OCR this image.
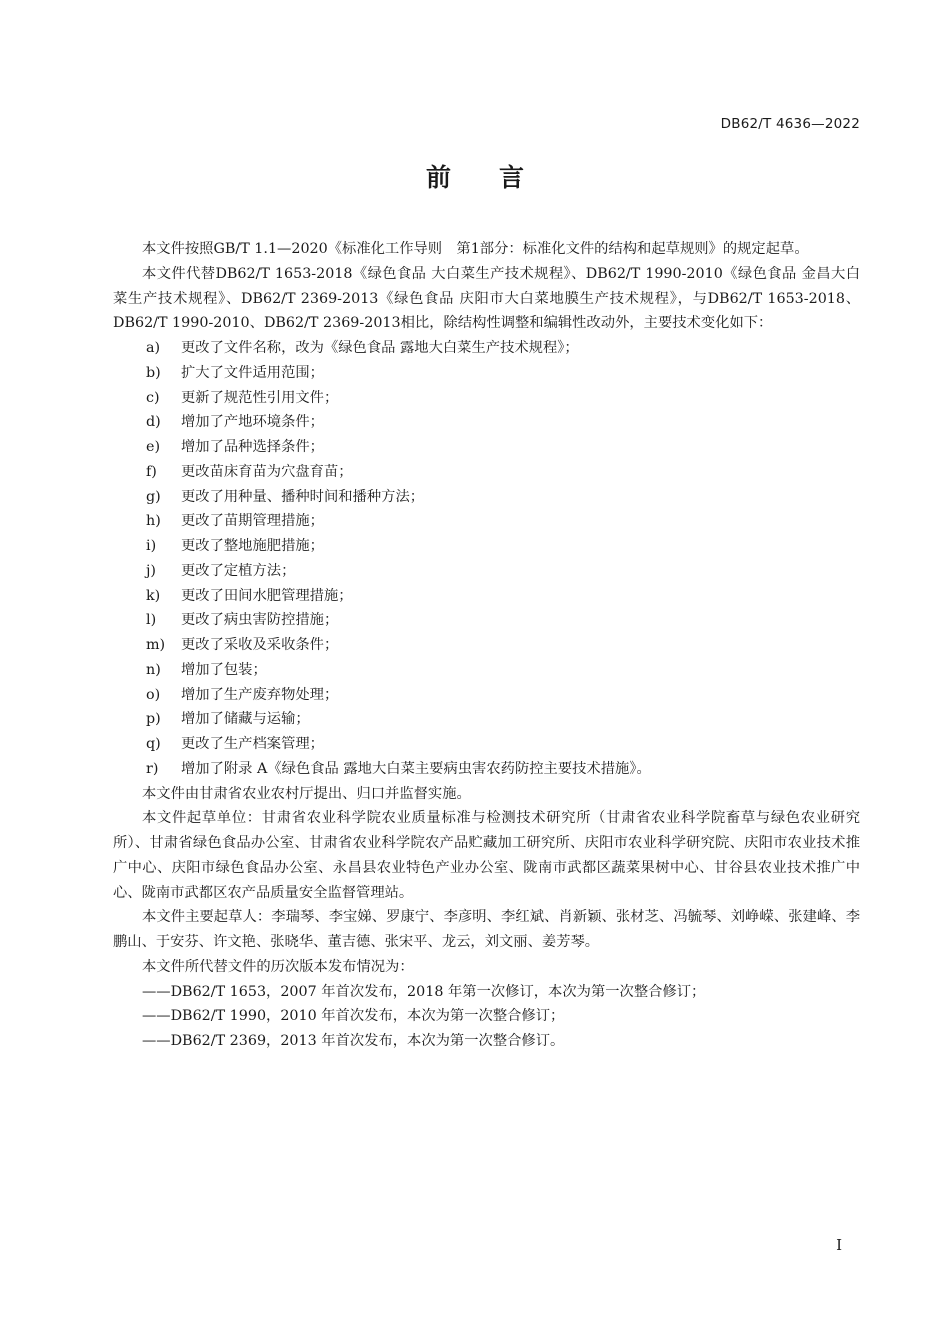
DB62/T 4636—2022
前 言
本文件按照GB/T 1.1—2020《标准化工作导则　第1部分：标准化文件的结构和起草规则》的规定起草。
本文件代替DB62/T 1653-2018《绿色食品 大白菜生产技术规程》、DB62/T 1990-2010《绿色食品 金昌大白菜生产技术规程》、DB62/T 2369-2013《绿色食品 庆阳市大白菜地膜生产技术规程》，与DB62/T 1653-2018、DB62/T 1990-2010、DB62/T 2369-2013相比，除结构性调整和编辑性改动外，主要技术变化如下：
a) 更改了文件名称，改为《绿色食品 露地大白菜生产技术规程》；
b) 扩大了文件适用范围；
c) 更新了规范性引用文件；
d) 增加了产地环境条件；
e) 增加了品种选择条件；
f) 更改苗床育苗为穴盘育苗；
g) 更改了用种量、播种时间和播种方法；
h) 更改了苗期管理措施；
i) 更改了整地施肥措施；
j) 更改了定植方法；
k) 更改了田间水肥管理措施；
l) 更改了病虫害防控措施；
m) 更改了采收及采收条件；
n) 增加了包装；
o) 增加了生产废弃物处理；
p) 增加了储藏与运输；
q) 更改了生产档案管理；
r) 增加了附录 A《绿色食品 露地大白菜主要病虫害农药防控主要技术措施》。
本文件由甘肃省农业农村厅提出、归口并监督实施。
本文件起草单位：甘肃省农业科学院农业质量标准与检测技术研究所（甘肃省农业科学院畜草与绿色农业研究所）、甘肃省绿色食品办公室、甘肃省农业科学院农产品贮藏加工研究所、庆阳市农业科学研究院、庆阳市农业技术推广中心、庆阳市绿色食品办公室、永昌县农业特色产业办公室、陇南市武都区蔬菜果树中心、甘谷县农业技术推广中心、陇南市武都区农产品质量安全监督管理站。
本文件主要起草人：李瑞琴、李宝娣、罗康宁、李彦明、李红斌、肖新颖、张材芝、冯毓琴、刘峥嵘、张建峰、李鹏山、于安芬、许文艳、张晓华、董吉德、张宋平、龙云，刘文丽、姜芳琴。
本文件所代替文件的历次版本发布情况为：
——DB62/T 1653，2007 年首次发布，2018 年第一次修订，本次为第一次整合修订；
——DB62/T 1990，2010 年首次发布，本次为第一次整合修订；
——DB62/T 2369，2013 年首次发布，本次为第一次整合修订。
I
